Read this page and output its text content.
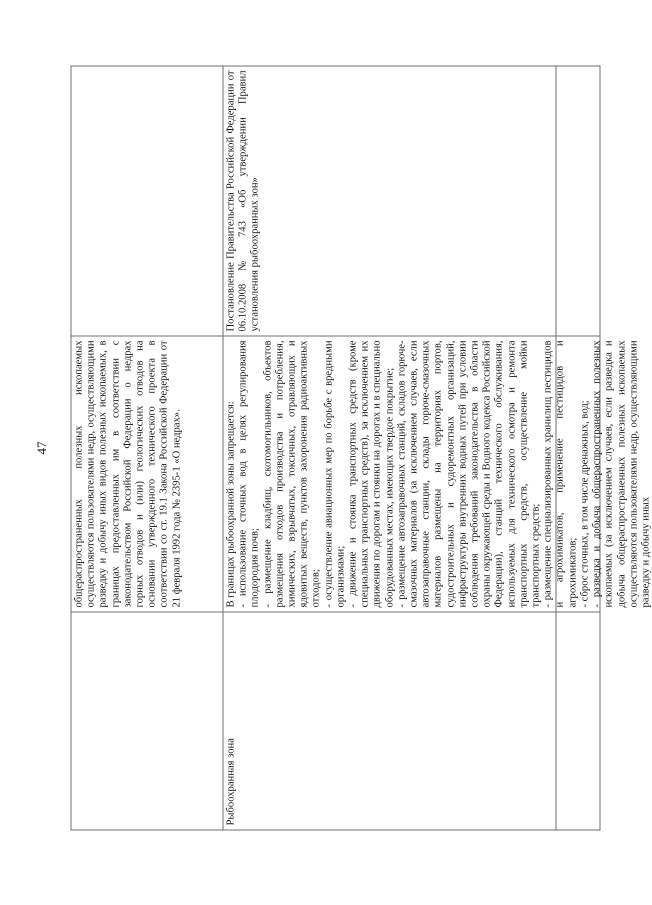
47 общераспространенных полезных ископаемых осуществляются пользователями недр, осуществляющими разведку и добычу иных видов полезных ископаемых, в границах предоставленных им в соответствии с законодательством Российской Федерации о недрах горных отводов и (или) геологических отводов на основании утвержденного технического проекта в соответствии со ст. 19.1 Закона Российской Федерации от 21 февраля 1992 года № 2395-1 «О недрах».

Рыбоохранная зона

В границах рыбоохранной зоны запрещается: - использование сточных вод в целях регулирования плодородия почв; - размещение кладбищ, скотомогильников, объектов размещения отходов производства и потребления, химических, взрывчатых, токсичных, отравляющих и ядовитых веществ, пунктов захоронения радиоактивных отходов; - осуществление авиационных мер по борьбе с вредными организмами; - движение и стоянка транспортных средств (кроме специальных транспортных средств), за исключением их движения по дорогам и стоянки на дорогах и в специально оборудованных местах, имеющих твердое покрытие; - размещение автозаправочных станций, складов горюче-смазочных материалов (за исключением случаев, если автозаправочные станции, склады горюче-смазочных материалов размещены на территориях портов, судостроительных и судоремонтных организаций, инфраструктуры внутренних водных путей при условии соблюдения требований законодательства в области охраны окружающей среды и Водного кодекса Российской Федерации), станций технического обслуживания, используемых для технического осмотра и ремонта транспортных средств, осуществление мойки транспортных средств; - размещение специализированных хранилищ пестицидов и агрохимикатов, применение пестицидов и агрохимикатов; - сброс сточных, в том числе дренажных, вод; - разведка и добыча общераспространенных полезных ископаемых (за исключением случаев, если разведка и добыча общераспространенных полезных ископаемых осуществляются пользователями недр, осуществляющими разведку и добычу иных

Постановление Правительства Российской Федерации от 06.10.2008 № 743 «Об утверждении Правил установления рыбоохранных зон»
